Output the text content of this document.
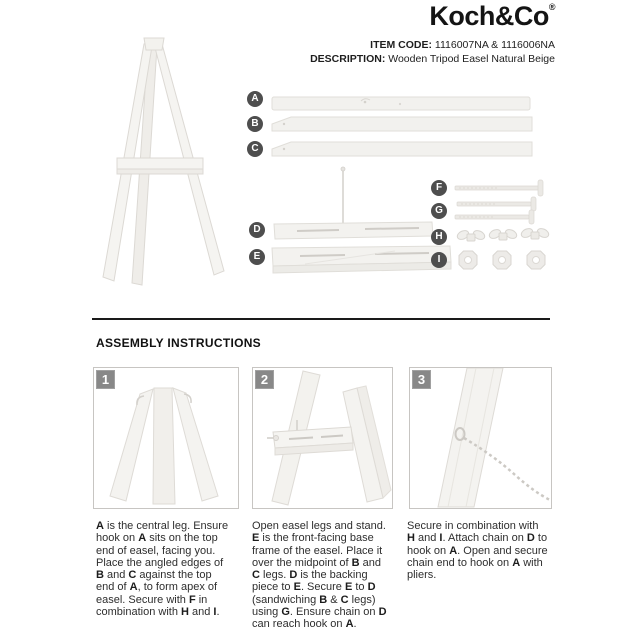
Koch&Co®
ITEM CODE: 1116007NA & 1116006NA
DESCRIPTION: Wooden Tripod Easel Natural Beige
A
B
C
D
E
F
G
H
I
ASSEMBLY INSTRUCTIONS
1	2	3
A is the central leg. Ensure
hook on A sits on the top
end of easel, facing you.
Place the angled edges of
B and C against the top
end of A, to form apex of
easel. Secure with F in
combination with H and I.
Open easel legs and stand.
E is the front-facing base
frame of the easel. Place it
over the midpoint of B and
C legs. D is the backing
piece to E. Secure E to D
(sandwiching B & C legs)
using G. Ensure chain on D
can reach hook on A.
Secure in combination with
H and I. Attach chain on D to
hook on A. Open and secure
chain end to hook on A with
pliers.
